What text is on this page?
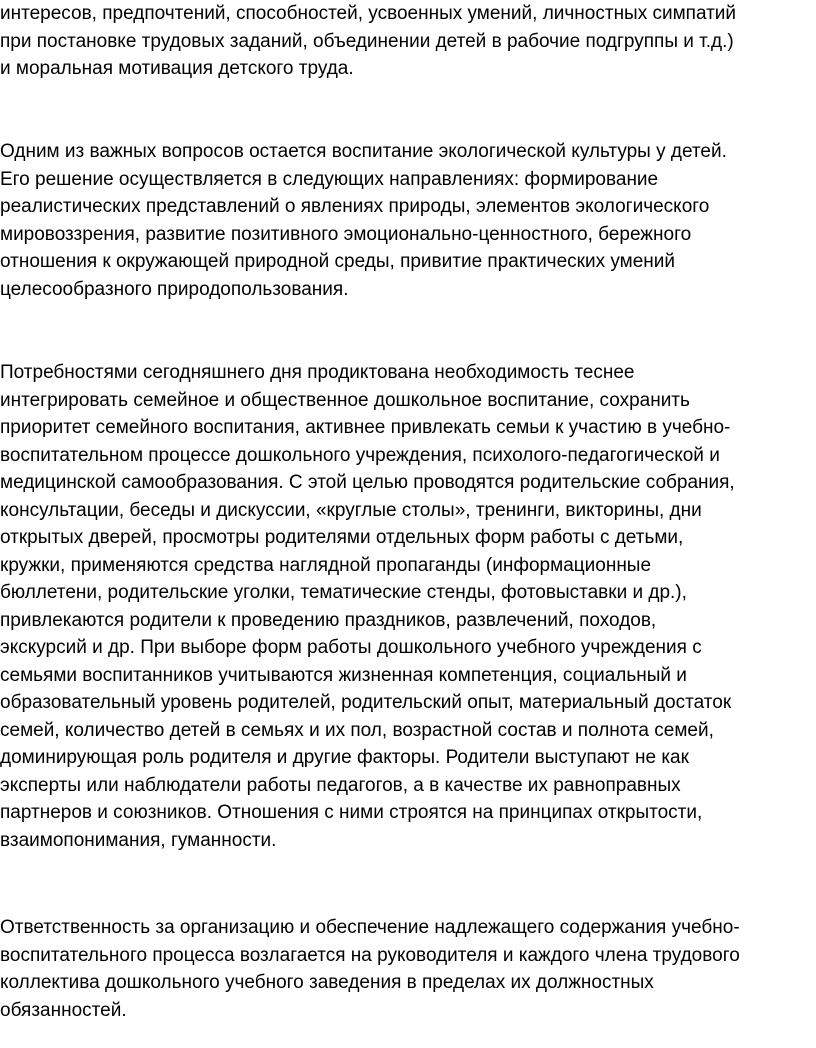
интересов, предпочтений, способностей, усвоенных умений, личностных симпатий
при постановке трудовых заданий, объединении детей в рабочие подгруппы и т.д.)
и моральная мотивация детского труда.
Одним из важных вопросов остается воспитание экологической культуры у детей.
Его решение осуществляется в следующих направлениях: формирование
реалистических представлений о явлениях природы, элементов экологического
мировоззрения, развитие позитивного эмоционально-ценностного, бережного
отношения к окружающей природной среды, привитие практических умений
целесообразного природопользования.
Потребностями сегодняшнего дня продиктована необходимость теснее
интегрировать семейное и общественное дошкольное воспитание, сохранить
приоритет семейного воспитания, активнее привлекать семьи к участию в учебно-
воспитательном процессе дошкольного учреждения, психолого-педагогической и
медицинской самообразования. С этой целью проводятся родительские собрания,
консультации, беседы и дискуссии, «круглые столы», тренинги, викторины, дни
открытых дверей, просмотры родителями отдельных форм работы с детьми,
кружки, применяются средства наглядной пропаганды (информационные
бюллетени, родительские уголки, тематические стенды, фотовыставки и др.),
привлекаются родители к проведению праздников, развлечений, походов,
экскурсий и др. При выборе форм работы дошкольного учебного учреждения с
семьями воспитанников учитываются жизненная компетенция, социальный и
образовательный уровень родителей, родительский опыт, материальный достаток
семей, количество детей в семьях и их пол, возрастной состав и полнота семей,
доминирующая роль родителя и другие факторы. Родители выступают не как
эксперты или наблюдатели работы педагогов, а в качестве их равноправных
партнеров и союзников. Отношения с ними строятся на принципах открытости,
взаимопонимания, гуманности.
Ответственность за организацию и обеспечение надлежащего содержания учебно-
воспитательного процесса возлагается на руководителя и каждого члена трудового
коллектива дошкольного учебного заведения в пределах их должностных
обязанностей.
